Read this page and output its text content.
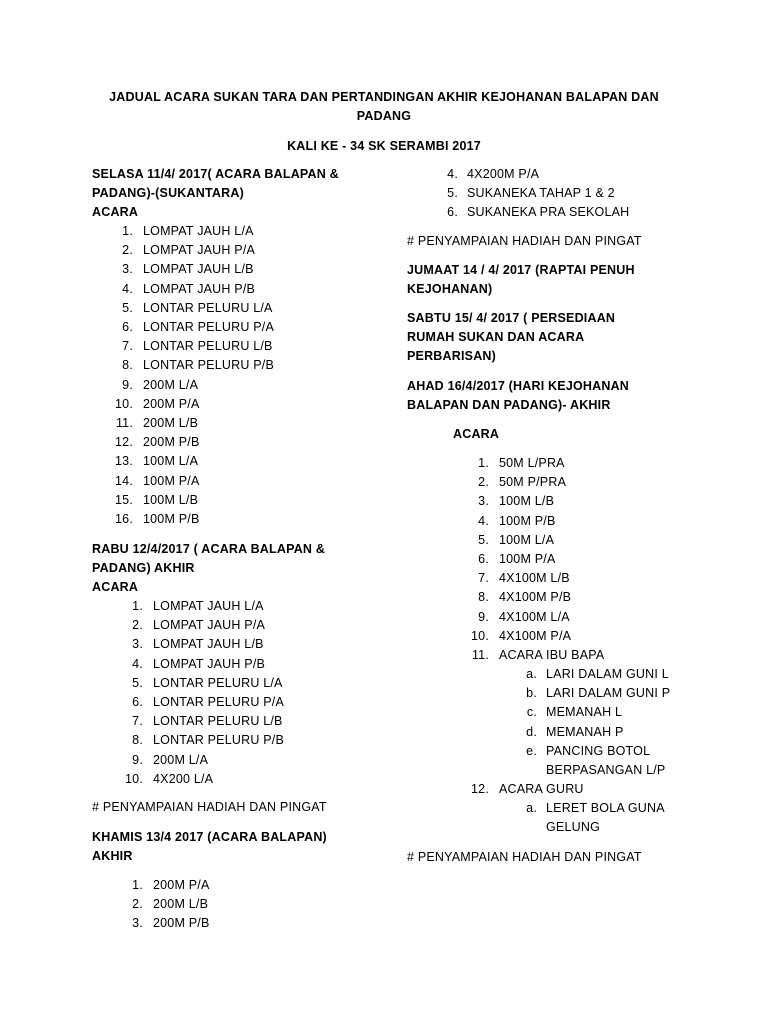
JADUAL ACARA SUKAN TARA DAN PERTANDINGAN AKHIR KEJOHANAN BALAPAN DAN
PADANG
KALI KE - 34 SK SERAMBI 2017
SELASA 11/4/ 2017( ACARA BALAPAN &
PADANG)-(SUKANTARA)
ACARA
1. LOMPAT JAUH L/A
2. LOMPAT JAUH P/A
3. LOMPAT JAUH L/B
4. LOMPAT JAUH P/B
5. LONTAR PELURU L/A
6. LONTAR PELURU P/A
7. LONTAR PELURU L/B
8. LONTAR PELURU P/B
9. 200M L/A
10. 200M P/A
11. 200M L/B
12. 200M P/B
13. 100M L/A
14. 100M P/A
15. 100M L/B
16. 100M P/B
RABU 12/4/2017 ( ACARA BALAPAN &
PADANG) AKHIR
ACARA
1. LOMPAT JAUH L/A
2. LOMPAT JAUH P/A
3. LOMPAT JAUH L/B
4. LOMPAT JAUH P/B
5. LONTAR PELURU L/A
6. LONTAR PELURU P/A
7. LONTAR PELURU L/B
8. LONTAR PELURU P/B
9. 200M L/A
10. 4X200 L/A
# PENYAMPAIAN HADIAH DAN PINGAT
KHAMIS 13/4 2017 (ACARA BALAPAN)
AKHIR
1. 200M P/A
2. 200M L/B
3. 200M P/B
4. 4X200M P/A
5. SUKANEKA TAHAP 1 & 2
6. SUKANEKA PRA SEKOLAH
# PENYAMPAIAN HADIAH DAN PINGAT
JUMAAT 14 / 4/ 2017 (RAPTAI PENUH
KEJOHANAN)
SABTU 15/ 4/ 2017 ( PERSEDIAAN
RUMAH SUKAN DAN ACARA
PERBARISAN)
AHAD 16/4/2017 (HARI KEJOHANAN
BALAPAN DAN PADANG)- AKHIR
ACARA
1. 50M L/PRA
2. 50M P/PRA
3. 100M L/B
4. 100M P/B
5. 100M L/A
6. 100M P/A
7. 4X100M L/B
8. 4X100M P/B
9. 4X100M L/A
10. 4X100M P/A
11. ACARA IBU BAPA
a. LARI DALAM GUNI L
b. LARI DALAM GUNI P
c. MEMANAH L
d. MEMANAH P
e. PANCING BOTOL
BERPASANGAN L/P
12. ACARA GURU
a. LERET BOLA GUNA
GELUNG
# PENYAMPAIAN HADIAH DAN PINGAT
